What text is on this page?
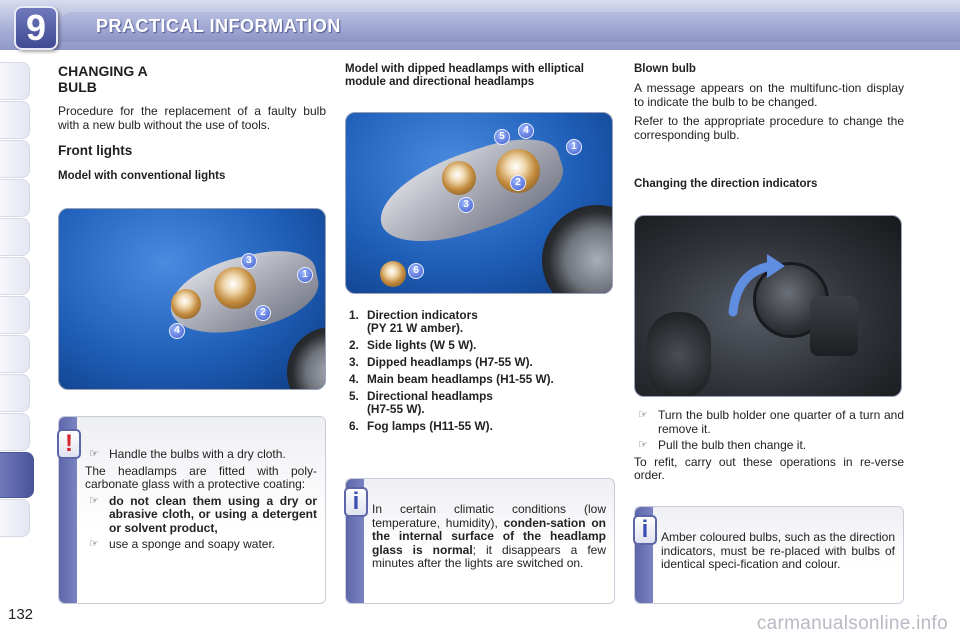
9	PRACTICAL INFORMATION
CHANGING A
BULB
Procedure for the replacement of a faulty bulb with a new bulb without the use of tools.
Front lights
Model with conventional lights
3
1
2
4
!	☞ Handle the bulbs with a dry cloth.
The headlamps are fitted with poly-carbonate glass with a protective coating:
☞ do not clean them using a dry or abrasive cloth, or using a detergent or solvent product,
☞ use a sponge and soapy water.
Model with dipped headlamps with elliptical module and directional headlamps
5
4
1
2
3
6
1. Direction indicators
(PY 21 W amber).
2. Side lights (W 5 W).
3. Dipped headlamps (H7-55 W).
4. Main beam headlamps (H1-55 W).
5. Directional headlamps
(H7-55 W).
6. Fog lamps (H11-55 W).
i	In certain climatic conditions (low temperature, humidity), conden-sation on the internal surface of the headlamp glass is normal; it disappears a few minutes after the lights are switched on.
Blown bulb
A message appears on the multifunc-tion display to indicate the bulb to be changed.
Refer to the appropriate procedure to change the corresponding bulb.
Changing the direction indicators
☞ Turn the bulb holder one quarter of a turn and remove it.
☞ Pull the bulb then change it.
To refit, carry out these operations in re-verse order.
i	Amber coloured bulbs, such as the direction indicators, must be re-placed with bulbs of identical speci-fication and colour.
132	carmanualsonline.info
